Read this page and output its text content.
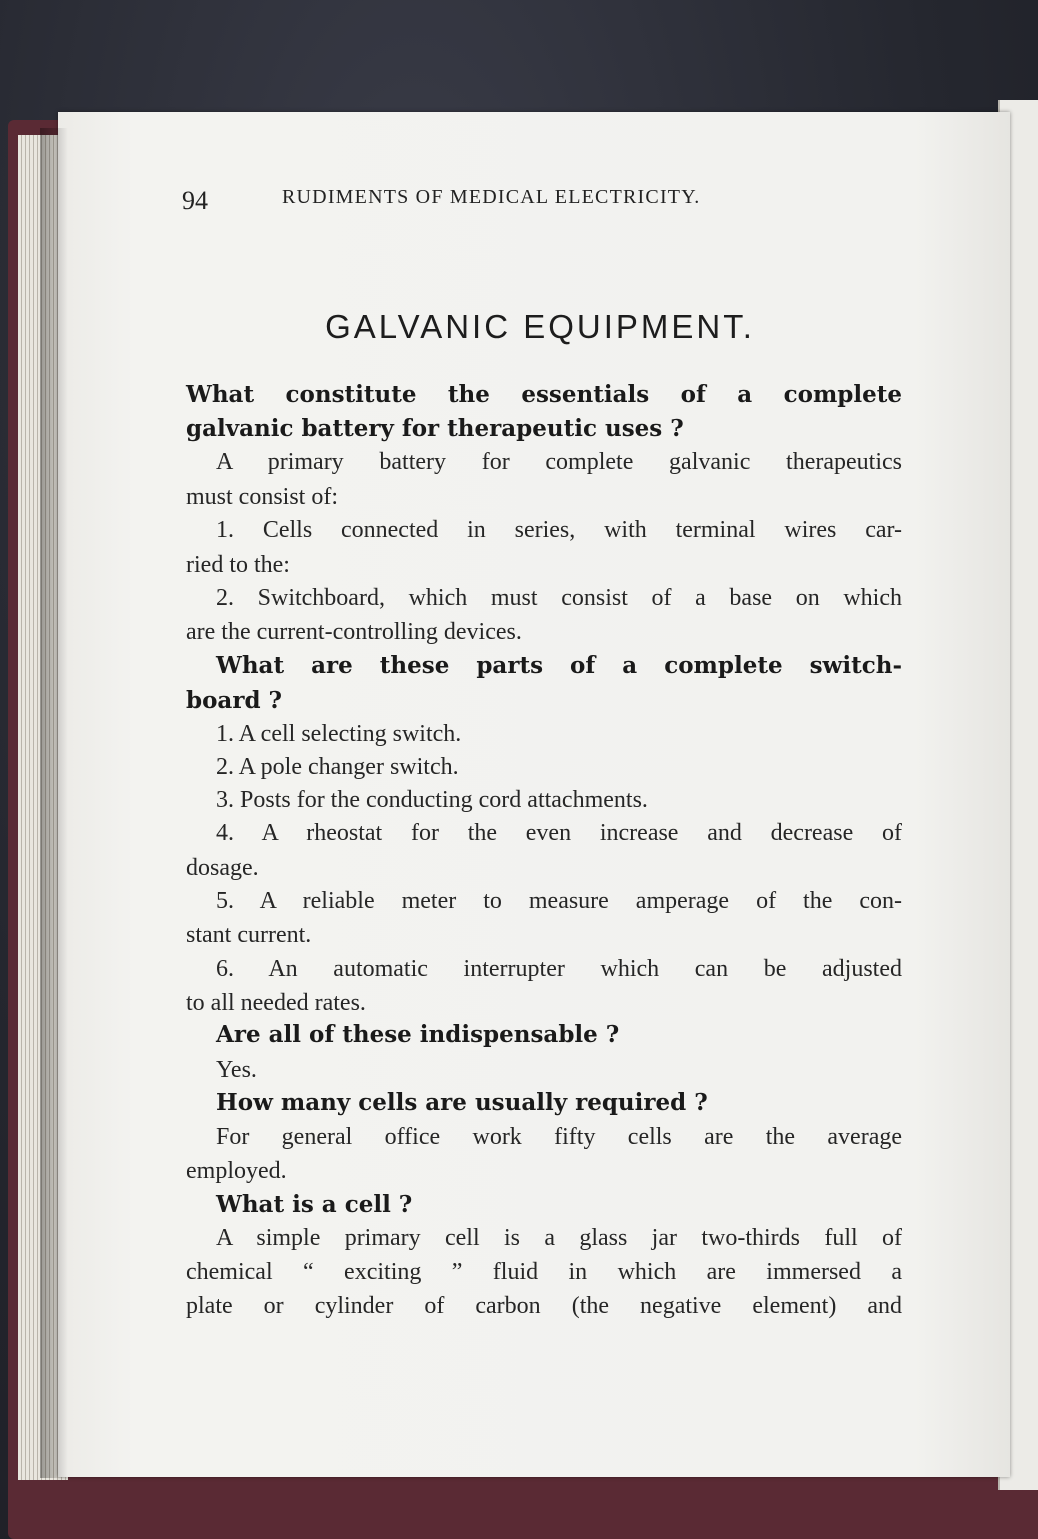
94	RUDIMENTS OF MEDICAL ELECTRICITY.
GALVANIC EQUIPMENT.
What constitute the essentials of a complete
galvanic battery for therapeutic uses ?
A primary battery for complete galvanic therapeutics
must consist of:
1. Cells connected in series, with terminal wires car-
ried to the:
2. Switchboard, which must consist of a base on which
are the current-controlling devices.
What are these parts of a complete switch-
board ?
1. A cell selecting switch.
2. A pole changer switch.
3. Posts for the conducting cord attachments.
4. A rheostat for the even increase and decrease of
dosage.
5. A reliable meter to measure amperage of the con-
stant current.
6. An automatic interrupter which can be adjusted
to all needed rates.
Are all of these indispensable ?
Yes.
How many cells are usually required ?
For general office work fifty cells are the average
employed.
What is a cell ?
A simple primary cell is a glass jar two-thirds full of
chemical “ exciting ” fluid in which are immersed a
plate or cylinder of carbon (the negative element) and
